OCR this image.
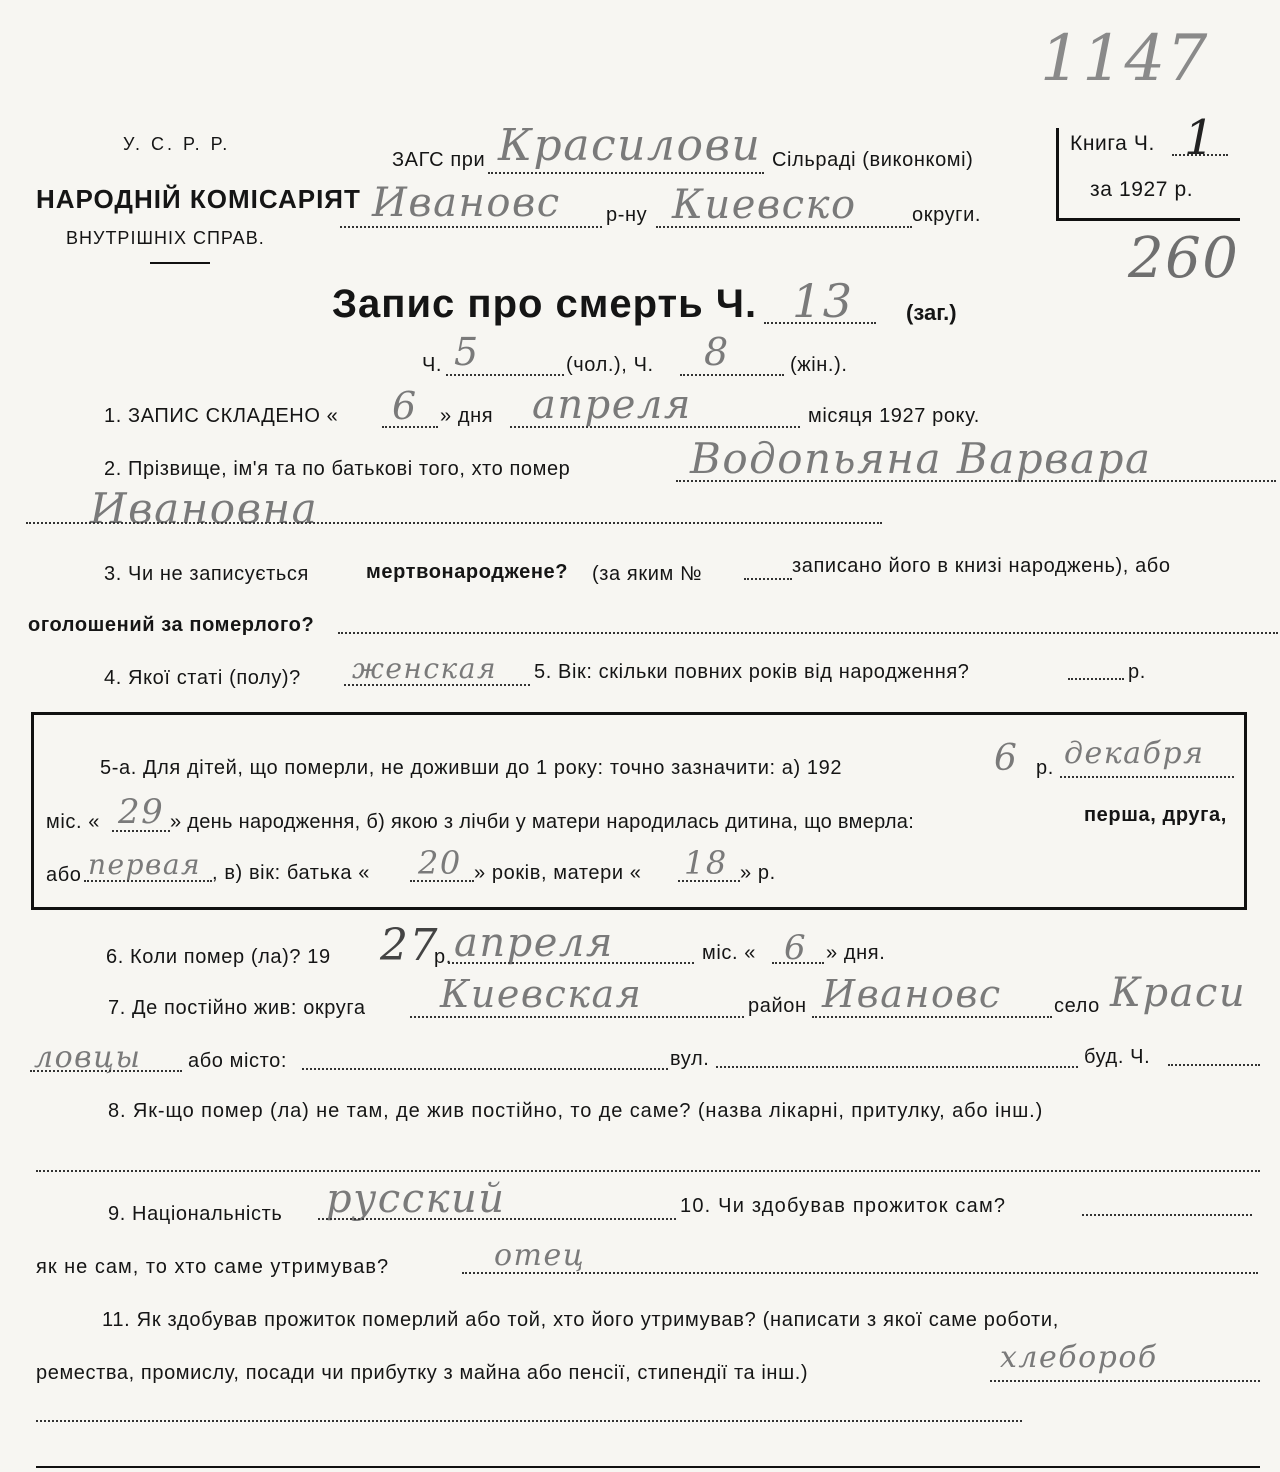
1147
У. С. Р. Р.
НАРОДНІЙ КОМІСАРІЯТ
ВНУТРІШНІХ СПРАВ.
ЗАГС при Красилови Сільраді (виконкомі)
Ивановс р-ну Киевско	округи.
Книга Ч. 1
за 1927 р.
260
Запис про смерть Ч. 13 (заг.)
Ч. 5	(чол.), Ч. 8	(жін.).
1. ЗАПИС СКЛАДЕНО « 6 » дня апреля	місяця 1927 року.
2. Прізвище, ім'я та по батькові того, хто помер	Водопьяна Варвара
Ивановна
3. Чи не записується	мертвонароджене? (за яким №	записано його в книзі народжень), або
оголошений за померлого?
4. Якої статі (полу)? женская 5. Вік: скільки повних років від народження?	р.
5-а. Для дітей, що померли, не доживши до 1 року: точно зазначити: а) 192	6 р. декабря
міс. « 29 » день народження, б) якою з лічби у матери народилась дитина, що вмерла:	перша, друга,
або первая , в) вік: батька « 20 » років, матери « 18 » р.
6. Коли помер (ла)? 19 27
р. апреля	міс. « 6 » дня.
7. Де постійно жив: округа Киевская	район Ивановс	село Краси
ловцы або місто:	вул.	буд. Ч.
8. Як-що помер (ла) не там, де жив постійно, то де саме? (назва лікарні, притулку, або інш.)
9. Національність русский	10. Чи здобував прожиток сам?
як не сам, то хто саме утримував?	отец
11. Як здобував прожиток померлий або той, хто його утримував? (написати з якої саме роботи,
ремества, промислу, посади чи прибутку з майна або пенсії, стипендії та інш.)	хлебороб
